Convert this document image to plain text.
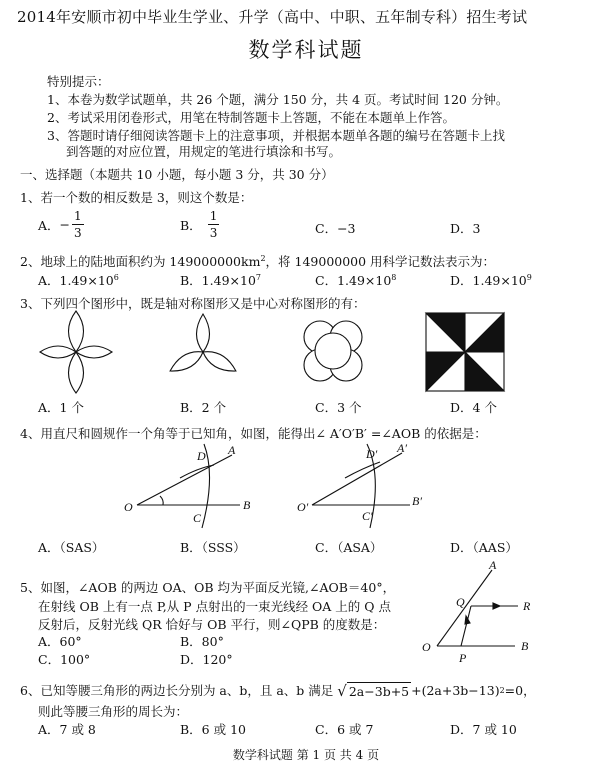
2014年安顺市初中毕业生学业、升学（高中、中职、五年制专科）招生考试
数学科试题
特别提示：
1、本卷为数学试题单，共 26 个题，满分 150 分，共 4 页。考试时间 120 分钟。
2、考试采用闭卷形式，用笔在特制答题卡上答题，不能在本题单上作答。
3、答题时请仔细阅读答题卡上的注意事项，并根据本题单各题的编号在答题卡上找
到答题的对应位置，用规定的笔进行填涂和书写。
一、选择题（本题共 10 小题，每小题 3 分，共 30 分）
1、若一个数的相反数是 3，则这个数是：
A． − $\frac{1}{3}$	B． $\frac{1}{3}$	C．−3	D．3
2、地球上的陆地面积约为 $149000000km^2$，将 149000000 用科学记数法表示为：
A．$1.49\times 10^6$	B．$1.49\times 10^7$	C．$1.49\times 10^8$	D．$1.49\times 10^9$
3、下列四个图形中，既是轴对称图形又是中心对称图形的有：
A．1 个	B．2 个	C．3 个	D．4 个
4、用直尺和圆规作一个角等于已知角，如图，能得出∠ A′O′B′ =∠AOB 的依据是：
O
A
B
C
D
O′
A′
B′
C′
D′
A．（SAS）	B．（SSS）	C．（ASA）	D．（AAS）
5、如图，∠AOB 的两边 OA、OB 均为平面反光镜,∠AOB＝40°，
在射线 OB 上有一点 P,从 P 点射出的一束光线经 OA 上的 Q 点
反射后，反射光线 QR 恰好与 OB 平行，则∠QPB 的度数是：
A．60°	B．80°
C．100°	D．120°
A
Q	R
O
P
B
6、已知等腰三角形的两边长分别为 a、b，且 a、b 满足 √ 2a−3b+5 +(2a+3b−13) 2 =0，
则此等腰三角形的周长为：
A．7 或 8	B．6 或 10	C．6 或 7	D．7 或 10
数学科试题 第 1 页 共 4 页
